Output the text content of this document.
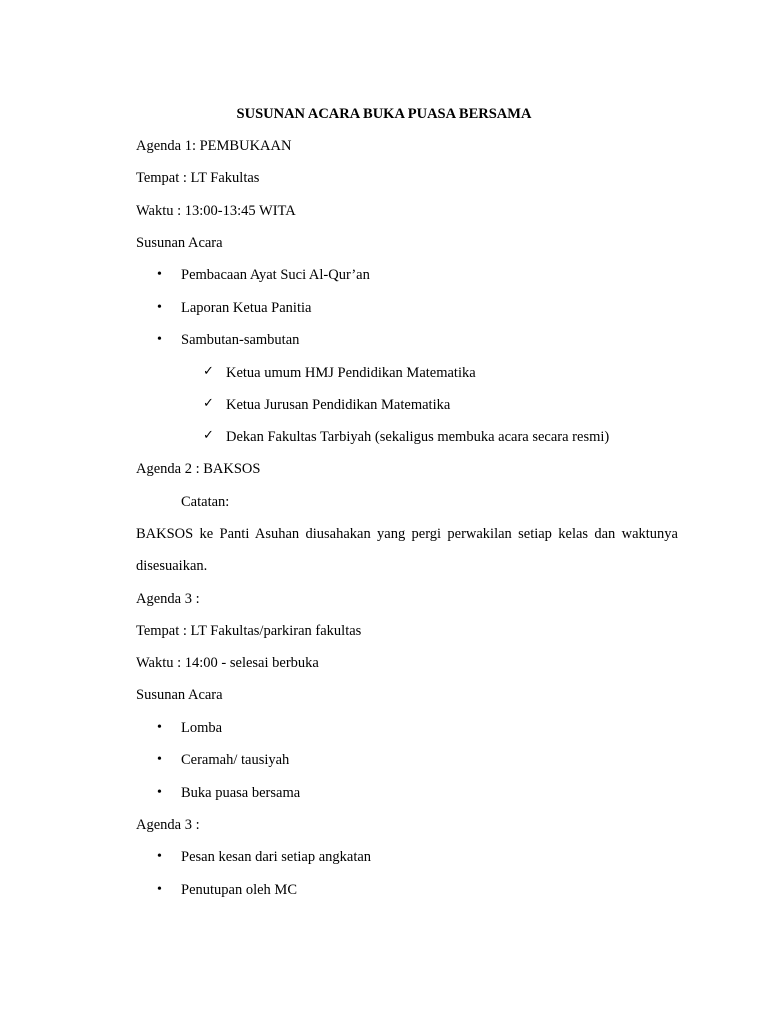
SUSUNAN ACARA BUKA PUASA BERSAMA
Agenda 1: PEMBUKAAN
Tempat : LT Fakultas
Waktu : 13:00-13:45 WITA
Susunan Acara
• Pembacaan Ayat Suci Al-Qur’an
• Laporan Ketua Panitia
• Sambutan-sambutan
✓ Ketua umum HMJ Pendidikan Matematika
✓ Ketua Jurusan Pendidikan Matematika
✓ Dekan Fakultas Tarbiyah (sekaligus membuka acara secara resmi)
Agenda 2 : BAKSOS
Catatan:
BAKSOS ke Panti Asuhan diusahakan yang pergi perwakilan setiap kelas dan waktunya
disesuaikan.
Agenda 3 :
Tempat : LT Fakultas/parkiran fakultas
Waktu : 14:00 - selesai berbuka
Susunan Acara
• Lomba
• Ceramah/ tausiyah
• Buka puasa bersama
Agenda 3 :
• Pesan kesan dari setiap angkatan
• Penutupan oleh MC
